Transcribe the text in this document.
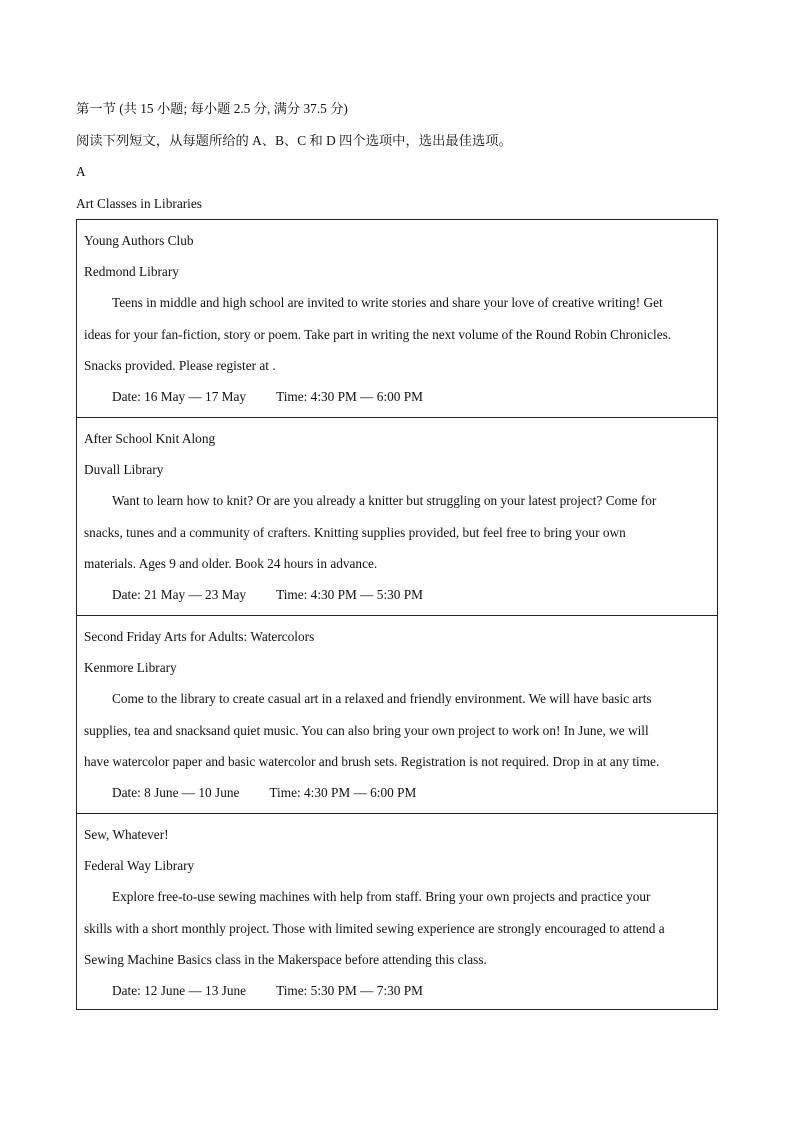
第一节 (共 15 小题; 每小题 2.5 分, 满分 37.5 分)
阅读下列短文，从每题所给的 A、B、C 和 D 四个选项中，选出最佳选项。
A
Art Classes in Libraries
Young Authors Club
Redmond Library
Teens in middle and high school are invited to write stories and share your love of creative writing! Get
ideas for your fan-fiction, story or poem. Take part in writing the next volume of the Round Robin Chronicles.
Snacks provided. Please register at .
Date: 16 May — 17 May Time: 4:30 PM — 6:00 PM
After School Knit Along
Duvall Library
Want to learn how to knit? Or are you already a knitter but struggling on your latest project? Come for
snacks, tunes and a community of crafters. Knitting supplies provided, but feel free to bring your own
materials. Ages 9 and older. Book 24 hours in advance.
Date: 21 May — 23 May Time: 4:30 PM — 5:30 PM
Second Friday Arts for Adults: Watercolors
Kenmore Library
Come to the library to create casual art in a relaxed and friendly environment. We will have basic arts
supplies, tea and snacksand quiet music. You can also bring your own project to work on! In June, we will
have watercolor paper and basic watercolor and brush sets. Registration is not required. Drop in at any time.
Date: 8 June — 10 June Time: 4:30 PM — 6:00 PM
Sew, Whatever!
Federal Way Library
Explore free-to-use sewing machines with help from staff. Bring your own projects and practice your
skills with a short monthly project. Those with limited sewing experience are strongly encouraged to attend a
Sewing Machine Basics class in the Makerspace before attending this class.
Date: 12 June — 13 June Time: 5:30 PM — 7:30 PM
